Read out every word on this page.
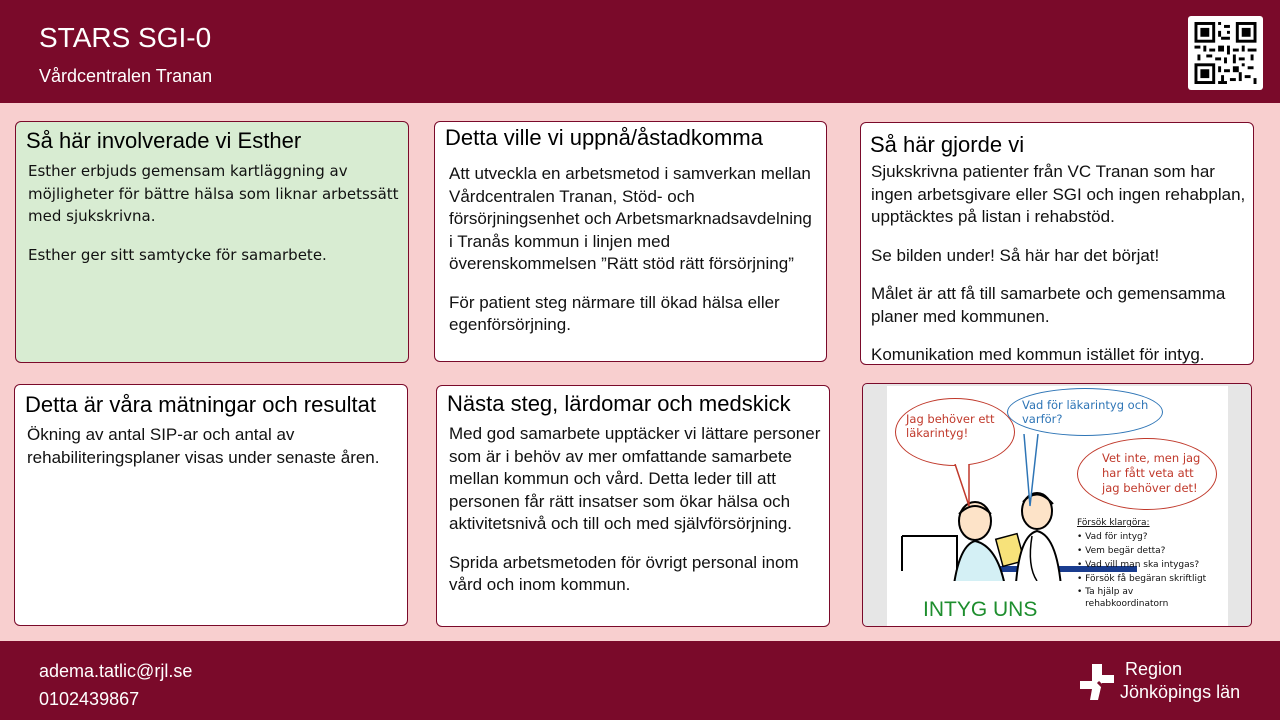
STARS SGI-0
Vårdcentralen Tranan
Så här involverade vi Esther

Esther erbjuds gemensam kartläggning av möjligheter för bättre hälsa som liknar arbetssätt med sjukskrivna.

Esther ger sitt samtycke för samarbete.

Detta ville vi uppnå/åstadkomma

Att utveckla en arbetsmetod i samverkan mellan Vårdcentralen Tranan, Stöd- och försörjningsenhet och Arbetsmarknadsavdelning i Tranås kommun i linjen med överenskommelsen ”Rätt stöd rätt försörjning”

För patient steg närmare till ökad hälsa eller egenförsörjning.

Så här gjorde vi

Sjukskrivna patienter från VC Tranan som har ingen arbetsgivare eller SGI och ingen rehabplan, upptäcktes på listan i rehabstöd.

Se bilden under! Så här har det börjat!

Målet är att få till samarbete och gemensamma planer med kommunen.

Komunikation med kommun istället för intyg.

Detta är våra mätningar och resultat

Ökning av antal SIP-ar och antal av rehabiliteringsplaner visas under senaste åren.

Nästa steg, lärdomar och medskick

Med god samarbete upptäcker vi lättare personer som är i behöv av mer omfattande samarbete mellan kommun och vård. Detta leder till att personen får rätt insatser som ökar hälsa och aktivitetsnivå och till och med självförsörjning.

Sprida arbetsmetoden för övrigt personal inom vård och inom kommun.

Jag behöver ett läkarintyg!
Vad för läkarintyg och varför?
Vet inte, men jag har fått veta att jag behöver det!
Försök klargöra:
• Vad för intyg?
• Vem begär detta?
• Vad vill man ska intygas?
• Försök få begäran skriftligt
• Ta hjälp av rehabkoordinatorn
INTYG UNS
adema.tatlic@rjl.se
0102439867
Region
Jönköpings län
